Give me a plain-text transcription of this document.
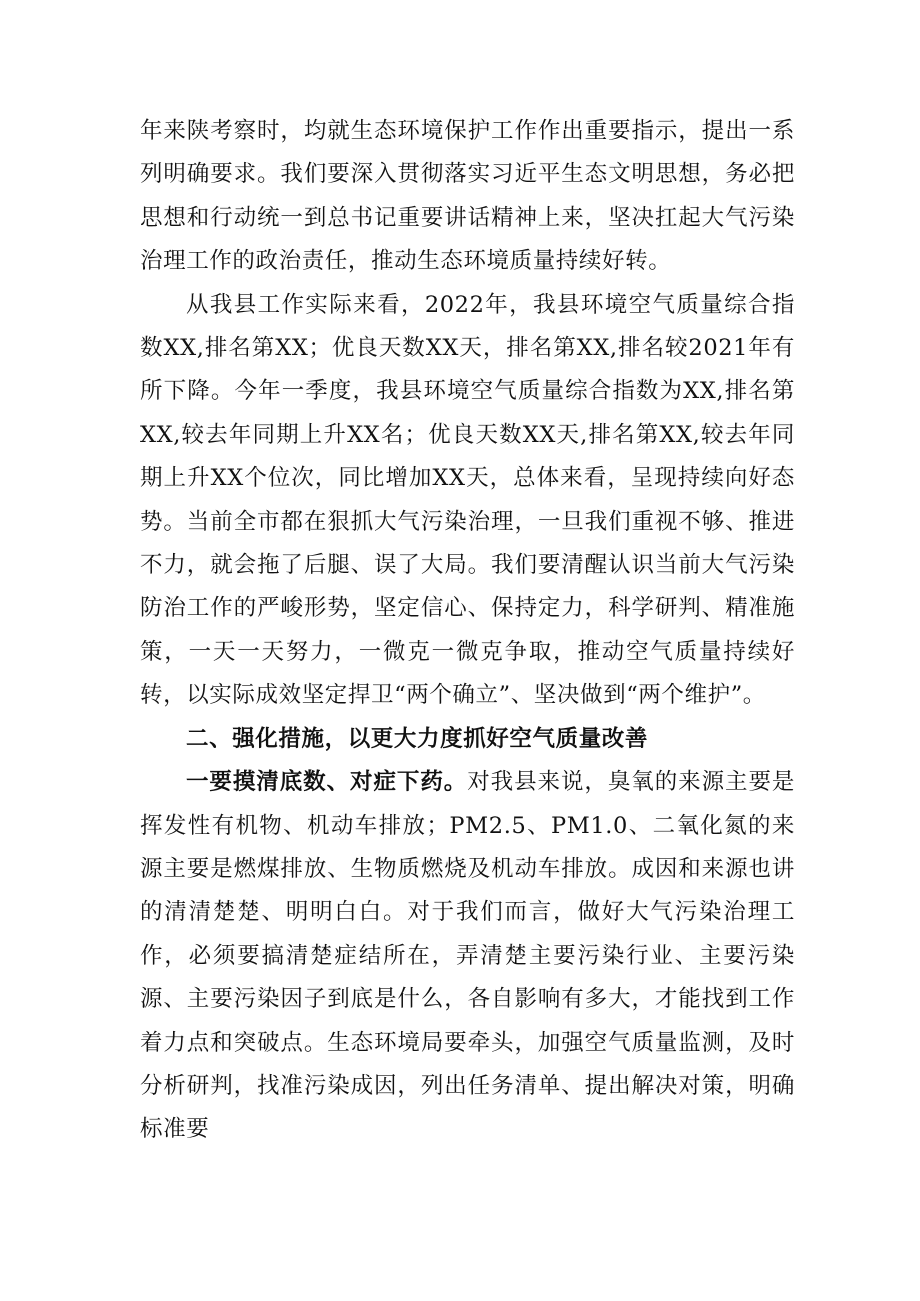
年来陕考察时，均就生态环境保护工作作出重要指示，提出一系列明确要求。我们要深入贯彻落实习近平生态文明思想，务必把思想和行动统一到总书记重要讲话精神上来，坚决扛起大气污染治理工作的政治责任，推动生态环境质量持续好转。

从我县工作实际来看，2022年，我县环境空气质量综合指数XX,排名第XX；优良天数XX天，排名第XX,排名较2021年有所下降。今年一季度，我县环境空气质量综合指数为XX,排名第XX,较去年同期上升XX名；优良天数XX天,排名第XX,较去年同期上升XX个位次，同比增加XX天，总体来看，呈现持续向好态势。当前全市都在狠抓大气污染治理，一旦我们重视不够、推进不力，就会拖了后腿、误了大局。我们要清醒认识当前大气污染防治工作的严峻形势，坚定信心、保持定力，科学研判、精准施策，一天一天努力，一微克一微克争取，推动空气质量持续好转，以实际成效坚定捍卫“两个确立”、坚决做到“两个维护”。

二、强化措施，以更大力度抓好空气质量改善

一要摸清底数、对症下药。对我县来说，臭氧的来源主要是挥发性有机物、机动车排放；PM2.5、PM1.0、二氧化氮的来源主要是燃煤排放、生物质燃烧及机动车排放。成因和来源也讲的清清楚楚、明明白白。对于我们而言，做好大气污染治理工作，必须要搞清楚症结所在，弄清楚主要污染行业、主要污染源、主要污染因子到底是什么，各自影响有多大，才能找到工作着力点和突破点。生态环境局要牵头，加强空气质量监测，及时分析研判，找准污染成因，列出任务清单、提出解决对策，明确标准要
